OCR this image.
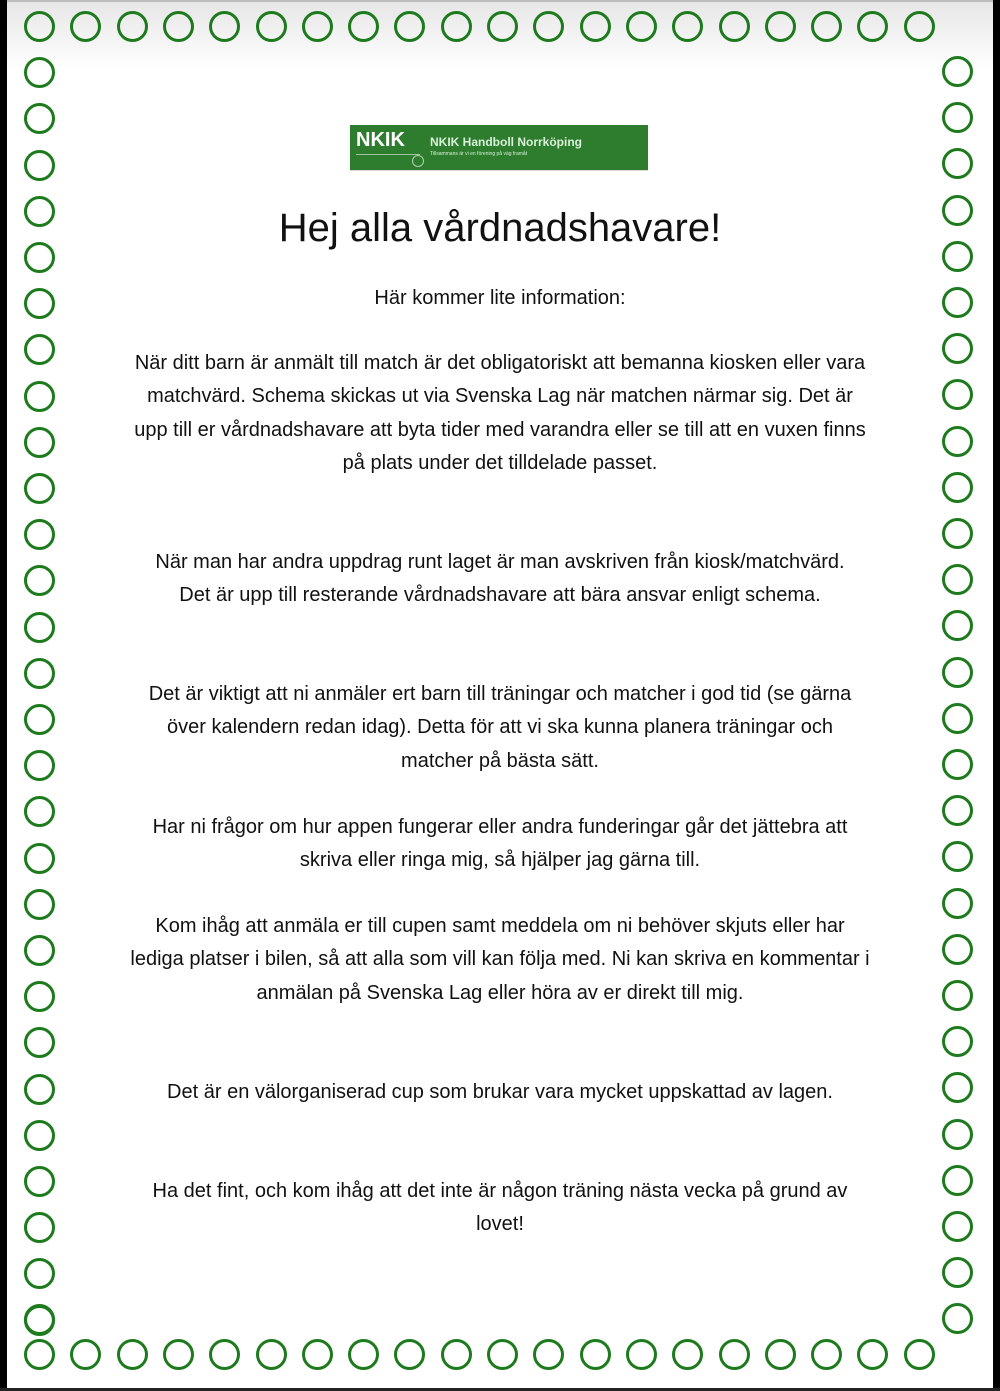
NKIK NKIK Handboll Norrköping
Tillsammans är vi en förening på väg framåt
Hej alla vårdnadshavare!

Här kommer lite information:

När ditt barn är anmält till match är det obligatoriskt att bemanna kiosken eller vara matchvärd. Schema skickas ut via Svenska Lag när matchen närmar sig. Det är upp till er vårdnadshavare att byta tider med varandra eller se till att en vuxen finns på plats under det tilldelade passet.

När man har andra uppdrag runt laget är man avskriven från kiosk/matchvärd. Det är upp till resterande vårdnadshavare att bära ansvar enligt schema.

Det är viktigt att ni anmäler ert barn till träningar och matcher i god tid (se gärna över kalendern redan idag). Detta för att vi ska kunna planera träningar och matcher på bästa sätt.

Har ni frågor om hur appen fungerar eller andra funderingar går det jättebra att skriva eller ringa mig, så hjälper jag gärna till.

Kom ihåg att anmäla er till cupen samt meddela om ni behöver skjuts eller har lediga platser i bilen, så att alla som vill kan följa med. Ni kan skriva en kommentar i anmälan på Svenska Lag eller höra av er direkt till mig.

Det är en välorganiserad cup som brukar vara mycket uppskattad av lagen.

Ha det fint, och kom ihåg att det inte är någon träning nästa vecka på grund av lovet!
